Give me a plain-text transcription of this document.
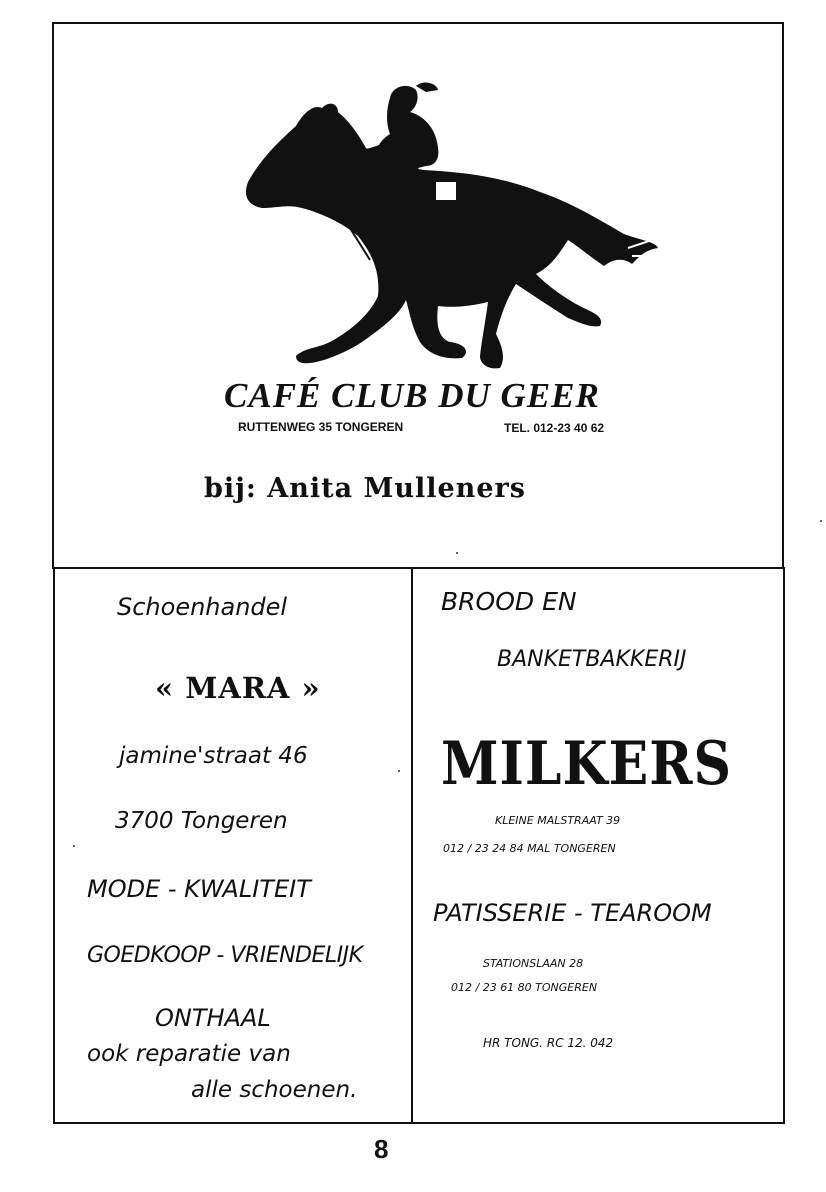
CAFÉ CLUB DU GEER
RUTTENWEG 35 TONGEREN	TEL. 012-23 40 62
bij: Anita Mulleners
Schoenhandel
« MARA »
jamine'straat 46
3700 Tongeren
MODE - KWALITEIT
GOEDKOOP - VRIENDELIJK
ONTHAAL
ook reparatie van
alle schoenen.
BROOD EN
BANKETBAKKERIJ
MILKERS
KLEINE MALSTRAAT 39
012 / 23 24 84 MAL TONGEREN
PATISSERIE - TEAROOM
STATIONSLAAN 28
012 / 23 61 80 TONGEREN
HR TONG. RC 12. 042
8
